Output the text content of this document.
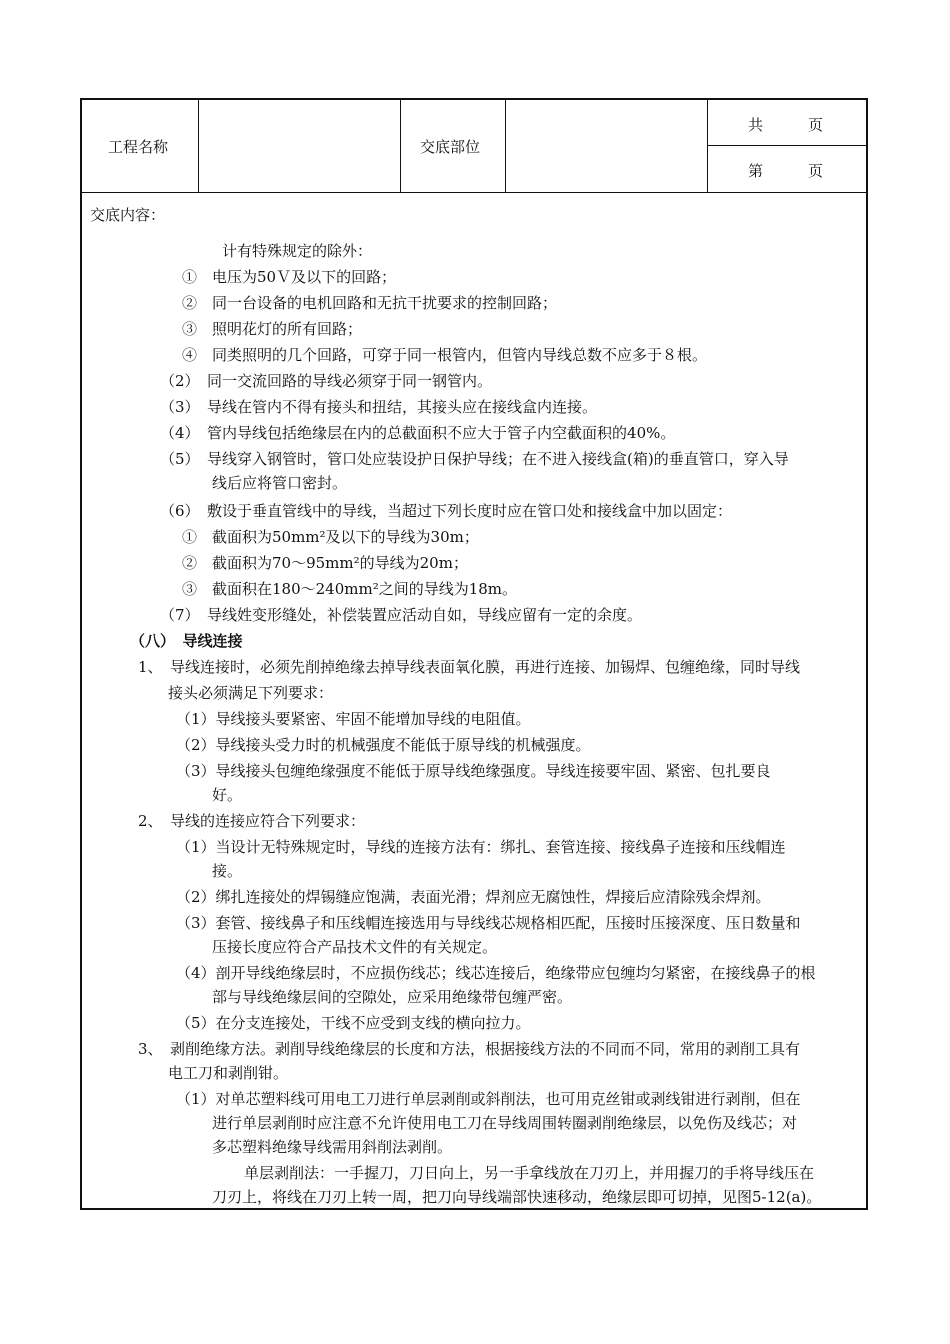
工程名称	交底部位
共　　　页
第　　　页
交底内容：
计有特殊规定的除外：
①　电压为50Ｖ及以下的回路；
②　同一台设备的电机回路和无抗干扰要求的控制回路；
③　照明花灯的所有回路；
④　同类照明的几个回路，可穿于同一根管内，但管内导线总数不应多于８根。
（2）　同一交流回路的导线必须穿于同一钢管内。
（3）　导线在管内不得有接头和扭结，其接头应在接线盒内连接。
（4）　管内导线包括绝缘层在内的总截面积不应大于管子内空截面积的40%。
（5）　导线穿入钢管时，管口处应装设护日保护导线；在不进入接线盒(箱)的垂直管口，穿入导
线后应将管口密封。
（6）　敷设于垂直管线中的导线，当超过下列长度时应在管口处和接线盒中加以固定：
①　截面积为50mm²及以下的导线为30m；
②　截面积为70～95mm²的导线为20m；
③　截面积在180～240mm²之间的导线为18m。
（7）　导线姓变形缝处，补偿装置应活动自如，导线应留有一定的余度。
（八）　导线连接
1、　导线连接时，必须先削掉绝缘去掉导线表面氧化膜，再进行连接、加锡焊、包缠绝缘，同时导线
接头必须满足下列要求：
（1）导线接头要紧密、牢固不能增加导线的电阻值。
（2）导线接头受力时的机械强度不能低于原导线的机械强度。
（3）导线接头包缠绝缘强度不能低于原导线绝缘强度。导线连接要牢固、紧密、包扎要良
好。
2、　导线的连接应符合下列要求：
（1）当设计无特殊规定时，导线的连接方法有：绑扎、套管连接、接线鼻子连接和压线帽连
接。
（2）绑扎连接处的焊锡缝应饱满，表面光滑；焊剂应无腐蚀性，焊接后应清除残余焊剂。
（3）套管、接线鼻子和压线帽连接选用与导线线芯规格相匹配，压接时压接深度、压日数量和
压接长度应符合产品技术文件的有关规定。
（4）剖开导线绝缘层时，不应损伤线芯；线芯连接后，绝缘带应包缠均匀紧密，在接线鼻子的根
部与导线绝缘层间的空隙处，应采用绝缘带包缠严密。
（5）在分支连接处，干线不应受到支线的横向拉力。
3、　剥削绝缘方法。剥削导线绝缘层的长度和方法，根据接线方法的不同而不同，常用的剥削工具有
电工刀和剥削钳。
（1）对单芯塑料线可用电工刀进行单层剥削或斜削法，也可用克丝钳或剥线钳进行剥削，但在
进行单层剥削时应注意不允许使用电工刀在导线周围转圈剥削绝缘层，以免伤及线芯；对
多芯塑料绝缘导线需用斜削法剥削。
单层剥削法：一手握刀，刀日向上，另一手拿线放在刀刃上，并用握刀的手将导线压在
刀刃上，将线在刀刃上转一周，把刀向导线端部快速移动，绝缘层即可切掉，见图5-12(a)。
